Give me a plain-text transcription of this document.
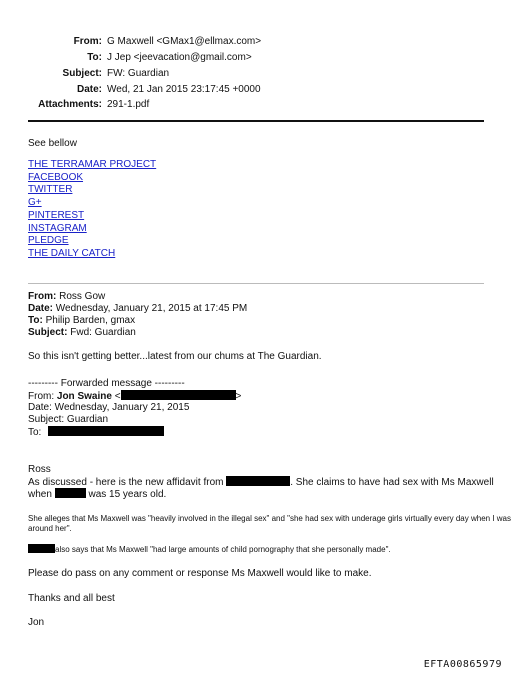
From: G Maxwell <GMax1@ellmax.com>
To: J Jep <jeevacation@gmail.com>
Subject: FW: Guardian
Date: Wed, 21 Jan 2015 23:17:45 +0000
Attachments: 291-1.pdf
See bellow
THE TERRAMAR PROJECT
FACEBOOK
TWITTER
G+
PINTEREST
INSTAGRAM
PLEDGE
THE DAILY CATCH
From: Ross Gow
Date: Wednesday, January 21, 2015 at 17:45 PM
To: Philip Barden, gmax
Subject: Fwd: Guardian
So this isn't getting better...latest from our chums at The Guardian.
--------- Forwarded message ---------
From: Jon Swaine <	>
Date: Wednesday, January 21, 2015
Subject: Guardian
To:
Ross
As discussed - here is the new affidavit from	. She claims to have had sex with Ms Maxwell
when	was 15 years old.
She alleges that Ms Maxwell was "heavily involved in the illegal sex" and "she had sex with underage girls virtually every day when I was
around her".
also says that Ms Maxwell "had large amounts of child pornography that she personally made".
Please do pass on any comment or response Ms Maxwell would like to make.
Thanks and all best
Jon
EFTA00865979
